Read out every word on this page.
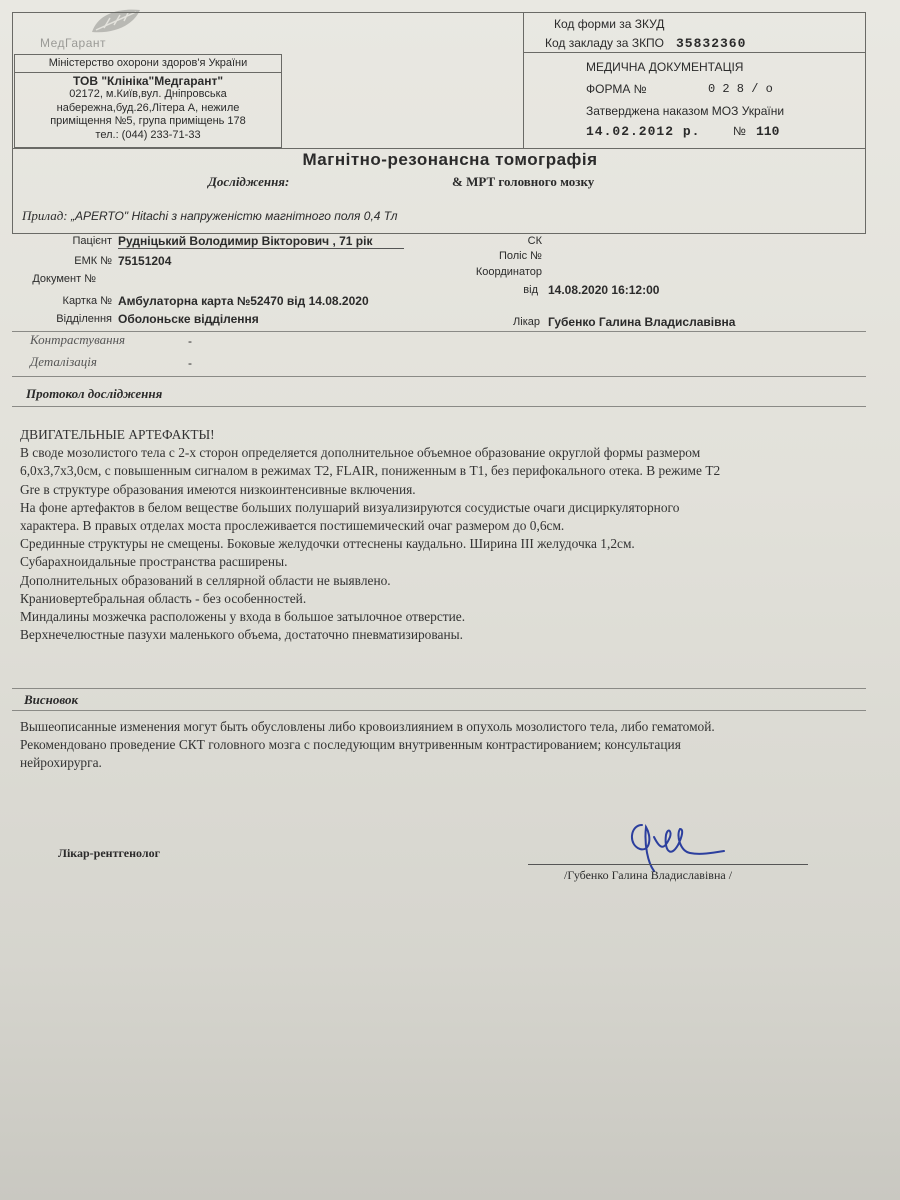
МедГарант
Міністерство охорони здоров'я України
ТОВ "Клініка"Медгарант"
02172, м.Київ,вул. Дніпровська
набережна,буд.26,Літера А, нежиле
приміщення №5, група приміщень 178
тел.: (044) 233-71-33
Код форми за ЗКУД
Код закладу за ЗКПО 35832360
МЕДИЧНА ДОКУМЕНТАЦІЯ
ФОРМА №	0 2 8 / о
Затверджена наказом МОЗ України
14.02.2012 р.	№ 110
Магнітно-резонансна томографія
Дослідження:	& МРТ головного мозку
Прилад: „APERTO" Hitachi з напруженістю магнітного поля 0,4 Тл
Пацієнт Рудніцький Володимир Вікторович , 71 рік
ЕМК № 75151204
Документ №
СК
Поліс №
Координатор
Картка № Амбулаторна карта №52470 від 14.08.2020
від 14.08.2020 16:12:00
Відділення Оболоньске відділення	Лікар Губенко Галина Владиславівна
Контрастування	-
Деталізація	-
Протокол дослідження

ДВИГАТЕЛЬНЫЕ АРТЕФАКТЫ!

В своде мозолистого тела с 2-х сторон определяется дополнительное объемное образование округлой формы размером

6,0х3,7х3,0см, с повышенным сигналом в режимах Т2, FLAIR, пониженным в Т1, без перифокального отека. В режиме Т2

Gre в структуре образования имеются низкоинтенсивные включения.

На фоне артефактов в белом веществе больших полушарий визуализируются сосудистые очаги дисциркуляторного

характера. В правых отделах моста прослеживается постишемический очаг размером до 0,6см.

Срединные структуры не смещены. Боковые желудочки оттеснены каудально. Ширина III желудочка 1,2см.

Субарахноидальные пространства расширены.

Дополнительных образований в селлярной области не выявлено.

Краниовертебральная область - без особенностей.

Миндалины мозжечка расположены у входа в большое затылочное отверстие.

Верхнечелюстные пазухи маленького объема, достаточно пневматизированы.

Висновок

Вышеописанные изменения могут быть обусловлены либо кровоизлиянием в опухоль мозолистого тела, либо гематомой.

Рекомендовано проведение СКТ головного мозга с последующим внутривенным контрастированием; консультация

нейрохирурга.

Лікар-рентгенолог
/Губенко Галина Владиславівна /
